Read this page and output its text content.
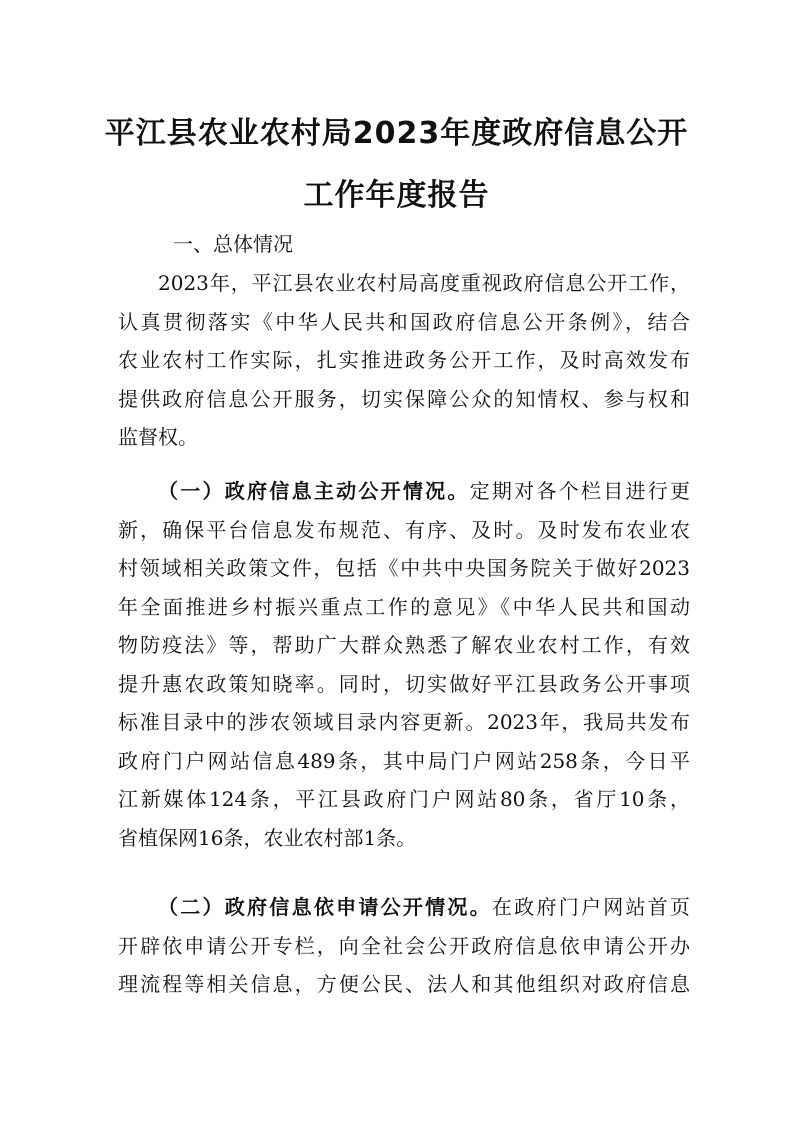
平江县农业农村局2023年度政府信息公开
工作年度报告
一、总体情况
2023年，平江县农业农村局高度重视政府信息公开工作，
认真贯彻落实《中华人民共和国政府信息公开条例》，结合
农业农村工作实际，扎实推进政务公开工作，及时高效发布
提供政府信息公开服务，切实保障公众的知情权、参与权和
监督权。
（一）政府信息主动公开情况。定期对各个栏目进行更
新，确保平台信息发布规范、有序、及时。及时发布农业农
村领域相关政策文件，包括《中共中央国务院关于做好2023
年全面推进乡村振兴重点工作的意见》《中华人民共和国动
物防疫法》等，帮助广大群众熟悉了解农业农村工作，有效
提升惠农政策知晓率。同时，切实做好平江县政务公开事项
标准目录中的涉农领域目录内容更新。2023年，我局共发布
政府门户网站信息489条，其中局门户网站258条，今日平
江新媒体124条，平江县政府门户网站80条，省厅10条，
省植保网16条，农业农村部1条。
（二）政府信息依申请公开情况。在政府门户网站首页
开辟依申请公开专栏，向全社会公开政府信息依申请公开办
理流程等相关信息，方便公民、法人和其他组织对政府信息
